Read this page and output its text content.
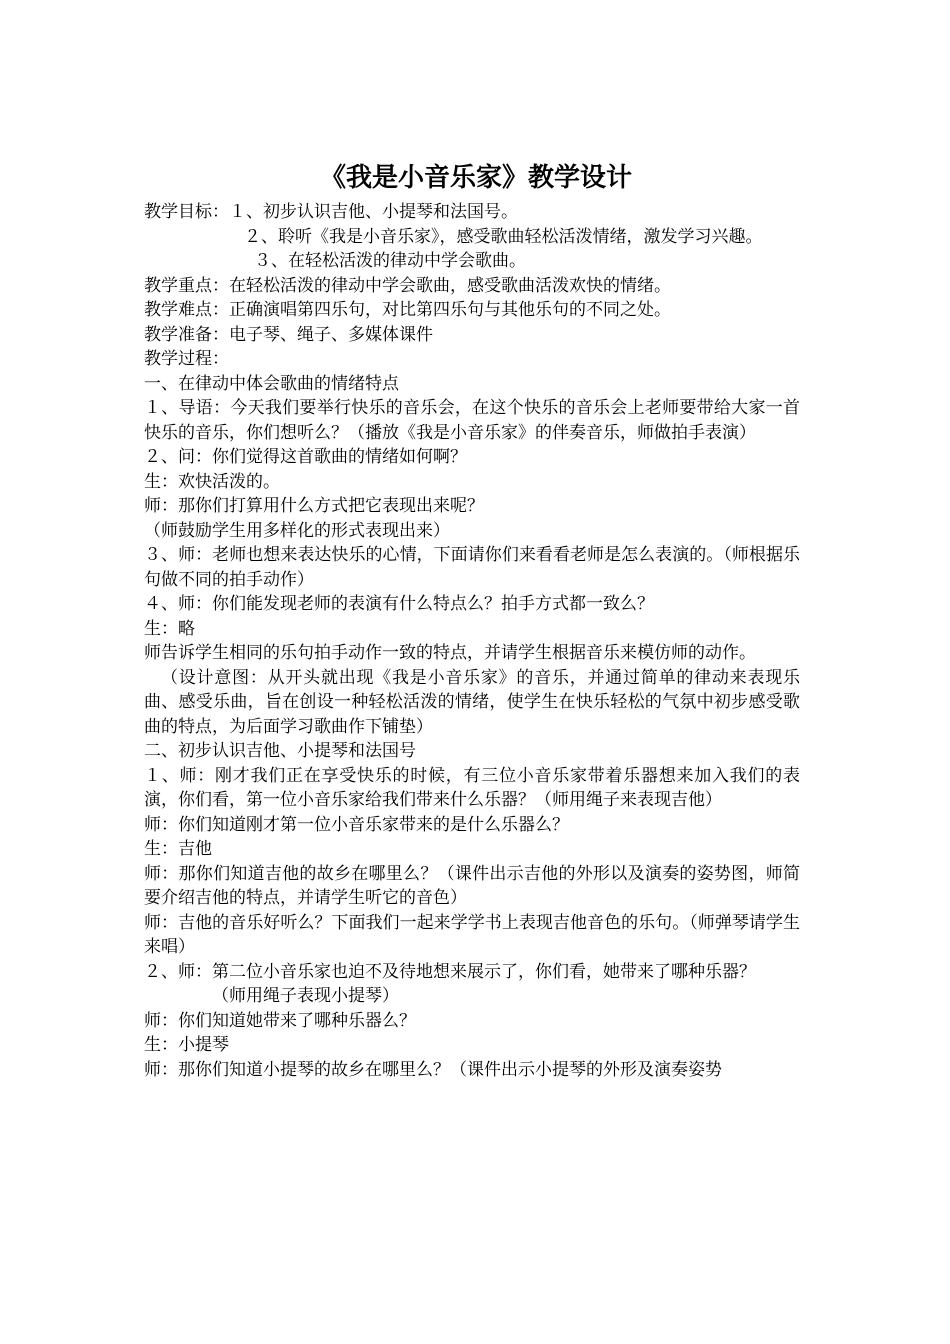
《我是小音乐家》教学设计

教学目标：１、初步认识吉他、小提琴和法国号。

２、聆听《我是小音乐家》，感受歌曲轻松活泼情绪，激发学习兴趣。

３、在轻松活泼的律动中学会歌曲。

教学重点：在轻松活泼的律动中学会歌曲，感受歌曲活泼欢快的情绪。

教学难点：正确演唱第四乐句，对比第四乐句与其他乐句的不同之处。

教学准备：电子琴、绳子、多媒体课件

教学过程：

一、在律动中体会歌曲的情绪特点

１、导语：今天我们要举行快乐的音乐会，在这个快乐的音乐会上老师要带给大家一首快乐的音乐，你们想听么？（播放《我是小音乐家》的伴奏音乐，师做拍手表演）

２、问：你们觉得这首歌曲的情绪如何啊？

生：欢快活泼的。

师：那你们打算用什么方式把它表现出来呢？

（师鼓励学生用多样化的形式表现出来）

３、师：老师也想来表达快乐的心情，下面请你们来看看老师是怎么表演的。（师根据乐句做不同的拍手动作）

４、师：你们能发现老师的表演有什么特点么？拍手方式都一致么？

生：略

师告诉学生相同的乐句拍手动作一致的特点，并请学生根据音乐来模仿师的动作。

（设计意图：从开头就出现《我是小音乐家》的音乐，并通过简单的律动来表现乐曲、感受乐曲，旨在创设一种轻松活泼的情绪，使学生在快乐轻松的气氛中初步感受歌曲的特点，为后面学习歌曲作下铺垫）

二、初步认识吉他、小提琴和法国号

１、师：刚才我们正在享受快乐的时候，有三位小音乐家带着乐器想来加入我们的表演，你们看，第一位小音乐家给我们带来什么乐器？（师用绳子来表现吉他）

师：你们知道刚才第一位小音乐家带来的是什么乐器么？

生：吉他

师：那你们知道吉他的故乡在哪里么？（课件出示吉他的外形以及演奏的姿势图，师简要介绍吉他的特点，并请学生听它的音色）

师：吉他的音乐好听么？下面我们一起来学学书上表现吉他音色的乐句。（师弹琴请学生来唱）

２、师：第二位小音乐家也迫不及待地想来展示了，你们看，她带来了哪种乐器？

（师用绳子表现小提琴）

师：你们知道她带来了哪种乐器么？

生：小提琴

师：那你们知道小提琴的故乡在哪里么？（课件出示小提琴的外形及演奏姿势
